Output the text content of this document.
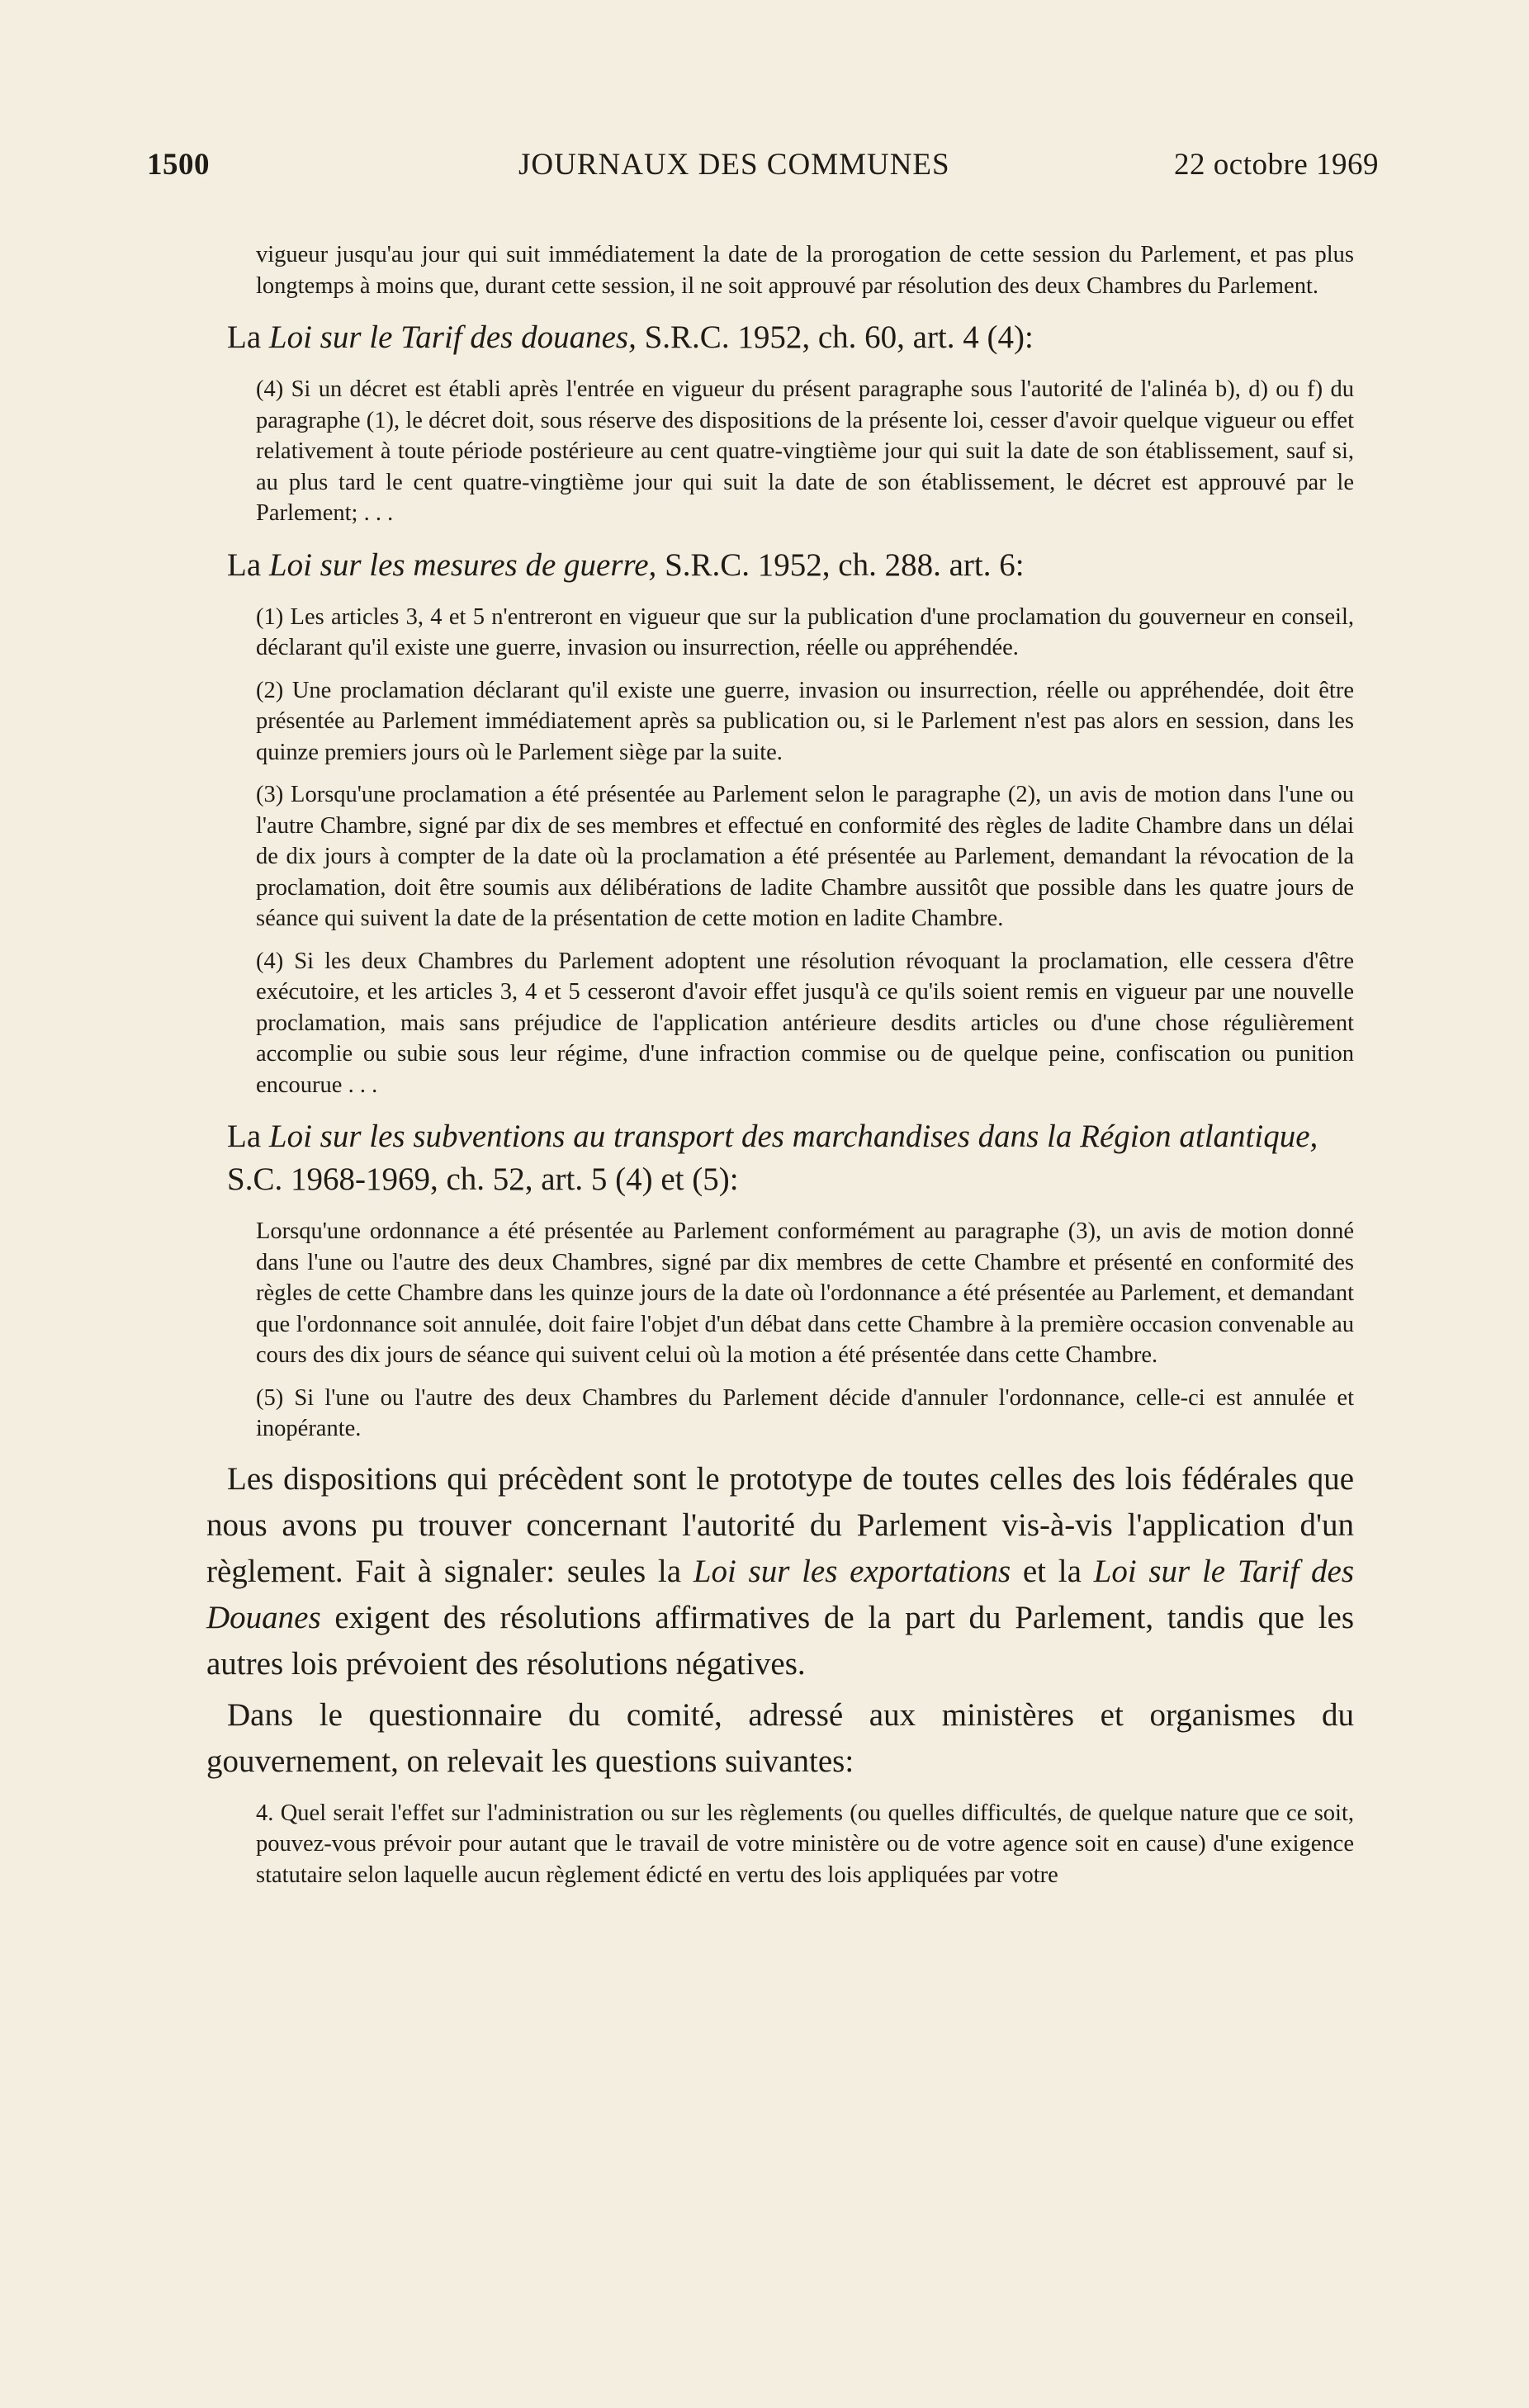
1500	JOURNAUX DES COMMUNES	22 octobre 1969

vigueur jusqu'au jour qui suit immédiatement la date de la prorogation de cette session du Parlement, et pas plus longtemps à moins que, durant cette session, il ne soit approuvé par résolution des deux Chambres du Parlement.

La Loi sur le Tarif des douanes, S.R.C. 1952, ch. 60, art. 4 (4):

(4) Si un décret est établi après l'entrée en vigueur du présent paragraphe sous l'autorité de l'alinéa b), d) ou f) du paragraphe (1), le décret doit, sous réserve des dispositions de la présente loi, cesser d'avoir quelque vigueur ou effet relativement à toute période postérieure au cent quatre-vingtième jour qui suit la date de son établissement, sauf si, au plus tard le cent quatre-vingtième jour qui suit la date de son établissement, le décret est approuvé par le Parlement; . . .

La Loi sur les mesures de guerre, S.R.C. 1952, ch. 288. art. 6:

(1) Les articles 3, 4 et 5 n'entreront en vigueur que sur la publication d'une proclamation du gouverneur en conseil, déclarant qu'il existe une guerre, invasion ou insurrection, réelle ou appréhendée.

(2) Une proclamation déclarant qu'il existe une guerre, invasion ou insurrection, réelle ou appréhendée, doit être présentée au Parlement immédiatement après sa publication ou, si le Parlement n'est pas alors en session, dans les quinze premiers jours où le Parlement siège par la suite.

(3) Lorsqu'une proclamation a été présentée au Parlement selon le paragraphe (2), un avis de motion dans l'une ou l'autre Chambre, signé par dix de ses membres et effectué en conformité des règles de ladite Chambre dans un délai de dix jours à compter de la date où la proclamation a été présentée au Parlement, demandant la révocation de la proclamation, doit être soumis aux délibérations de ladite Chambre aussitôt que possible dans les quatre jours de séance qui suivent la date de la présentation de cette motion en ladite Chambre.

(4) Si les deux Chambres du Parlement adoptent une résolution révoquant la proclamation, elle cessera d'être exécutoire, et les articles 3, 4 et 5 cesseront d'avoir effet jusqu'à ce qu'ils soient remis en vigueur par une nouvelle proclamation, mais sans préjudice de l'application antérieure desdits articles ou d'une chose régulièrement accomplie ou subie sous leur régime, d'une infraction commise ou de quelque peine, confiscation ou punition encourue . . .

La Loi sur les subventions au transport des marchandises dans la Région atlantique, S.C. 1968-1969, ch. 52, art. 5 (4) et (5):

Lorsqu'une ordonnance a été présentée au Parlement conformément au paragraphe (3), un avis de motion donné dans l'une ou l'autre des deux Chambres, signé par dix membres de cette Chambre et présenté en conformité des règles de cette Chambre dans les quinze jours de la date où l'ordonnance a été présentée au Parlement, et demandant que l'ordonnance soit annulée, doit faire l'objet d'un débat dans cette Chambre à la première occasion convenable au cours des dix jours de séance qui suivent celui où la motion a été présentée dans cette Chambre.

(5) Si l'une ou l'autre des deux Chambres du Parlement décide d'annuler l'ordonnance, celle-ci est annulée et inopérante.

Les dispositions qui précèdent sont le prototype de toutes celles des lois fédérales que nous avons pu trouver concernant l'autorité du Parlement vis-à-vis l'application d'un règlement. Fait à signaler: seules la Loi sur les exportations et la Loi sur le Tarif des Douanes exigent des résolutions affirmatives de la part du Parlement, tandis que les autres lois prévoient des résolutions négatives.

Dans le questionnaire du comité, adressé aux ministères et organismes du gouvernement, on relevait les questions suivantes:

4. Quel serait l'effet sur l'administration ou sur les règlements (ou quelles difficultés, de quelque nature que ce soit, pouvez-vous prévoir pour autant que le travail de votre ministère ou de votre agence soit en cause) d'une exigence statutaire selon laquelle aucun règlement édicté en vertu des lois appliquées par votre
